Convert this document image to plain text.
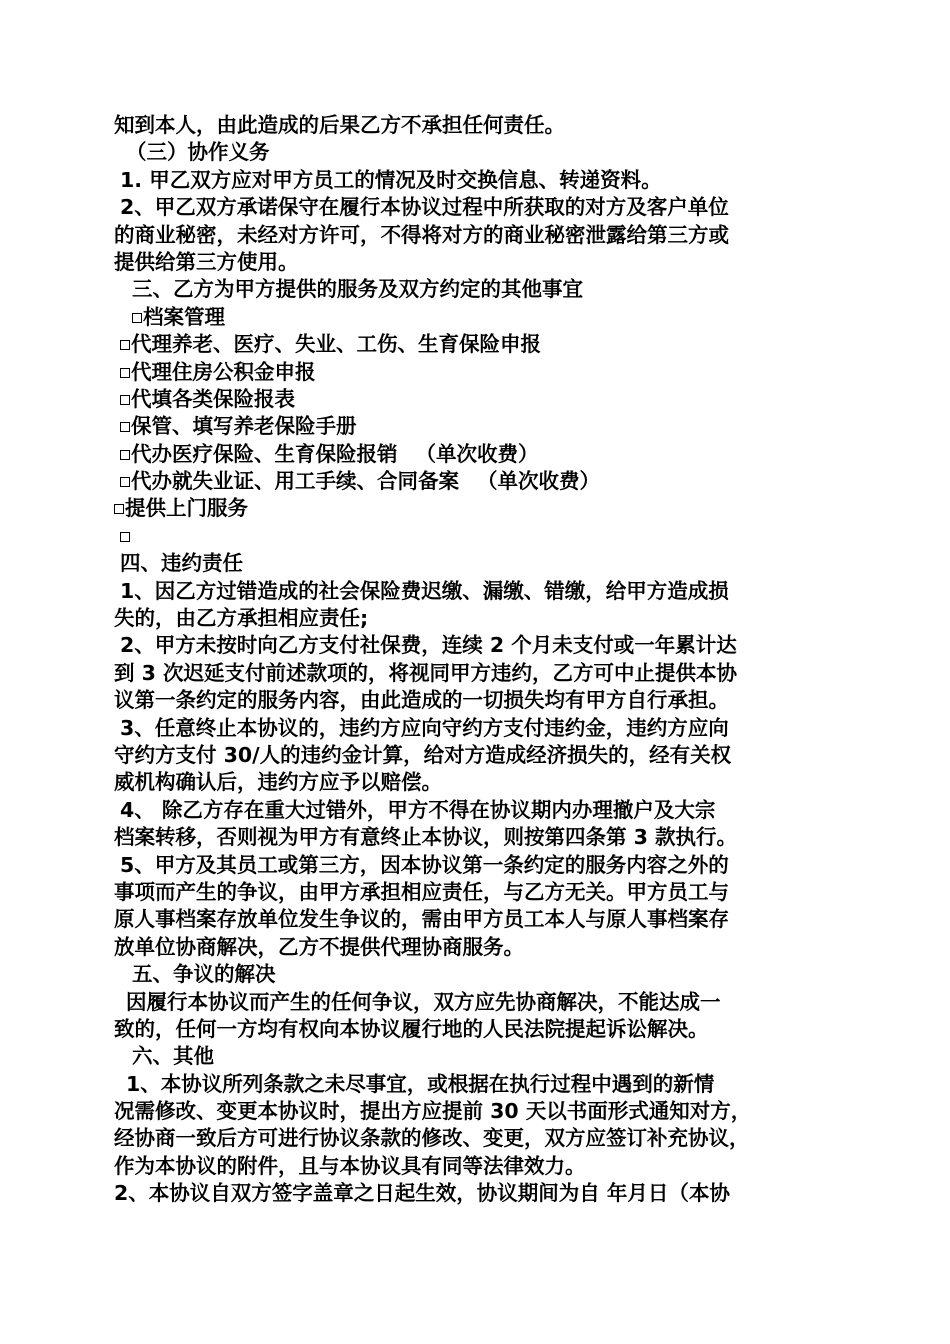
知到本人，由此造成的后果乙方不承担任何责任。
（三）协作义务
1. 甲乙双方应对甲方员工的情况及时交换信息、转递资料。
2、甲乙双方承诺保守在履行本协议过程中所获取的对方及客户单位
的商业秘密，未经对方许可，不得将对方的商业秘密泄露给第三方或
提供给第三方使用。
三、乙方为甲方提供的服务及双方约定的其他事宜
档案管理
代理养老、医疗、失业、工伤、生育保险申报
代理住房公积金申报
代填各类保险报表
保管、填写养老保险手册
代办医疗保险、生育保险报销 （单次收费）
代办就失业证、用工手续、合同备案 （单次收费）
提供上门服务
四、违约责任
1、因乙方过错造成的社会保险费迟缴、漏缴、错缴，给甲方造成损
失的，由乙方承担相应责任;
2、甲方未按时向乙方支付社保费，连续 2 个月未支付或一年累计达
到 3 次迟延支付前述款项的，将视同甲方违约，乙方可中止提供本协
议第一条约定的服务内容，由此造成的一切损失均有甲方自行承担。
3、任意终止本协议的，违约方应向守约方支付违约金，违约方应向
守约方支付 30/人的违约金计算，给对方造成经济损失的，经有关权
威机构确认后，违约方应予以赔偿。
4、 除乙方存在重大过错外，甲方不得在协议期内办理撤户及大宗
档案转移，否则视为甲方有意终止本协议，则按第四条第 3 款执行。
5、甲方及其员工或第三方，因本协议第一条约定的服务内容之外的
事项而产生的争议，由甲方承担相应责任，与乙方无关。甲方员工与
原人事档案存放单位发生争议的，需由甲方员工本人与原人事档案存
放单位协商解决，乙方不提供代理协商服务。
五、争议的解决
因履行本协议而产生的任何争议，双方应先协商解决，不能达成一
致的，任何一方均有权向本协议履行地的人民法院提起诉讼解决。
六、其他
1、本协议所列条款之未尽事宜，或根据在执行过程中遇到的新情
况需修改、变更本协议时，提出方应提前 30 天以书面形式通知对方，
经协商一致后方可进行协议条款的修改、变更，双方应签订补充协议，
作为本协议的附件，且与本协议具有同等法律效力。
2、本协议自双方签字盖章之日起生效，协议期间为自 年月日（本协
